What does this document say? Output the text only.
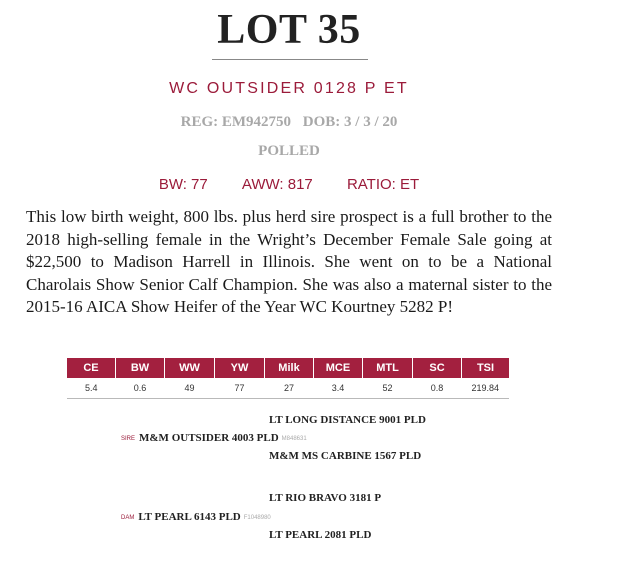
LOT 35
WC OUTSIDER 0128 P ET
REG: EM942750 DOB: 3 / 3 / 20
POLLED
BW: 77 AWW: 817 RATIO: ET
This low birth weight, 800 lbs. plus herd sire prospect is a full brother to the 2018 high-selling female in the Wright’s December Female Sale going at $22,500 to Madison Harrell in Illinois. She went on to be a National Charolais Show Senior Calf Champion. She was also a maternal sister to the 2015-16 AICA Show Heifer of the Year WC Kourtney 5282 P!
CE	BW	WW	YW	Milk	MCE	MTL	SC	TSI
5.4	0.6	49	77	27	3.4	52	0.8	219.84
LT LONG DISTANCE 9001 PLD
SIRE M&M OUTSIDER 4003 PLD M848631
M&M MS CARBINE 1567 PLD
LT RIO BRAVO 3181 P
DAM LT PEARL 6143 PLD F1048980
LT PEARL 2081 PLD
